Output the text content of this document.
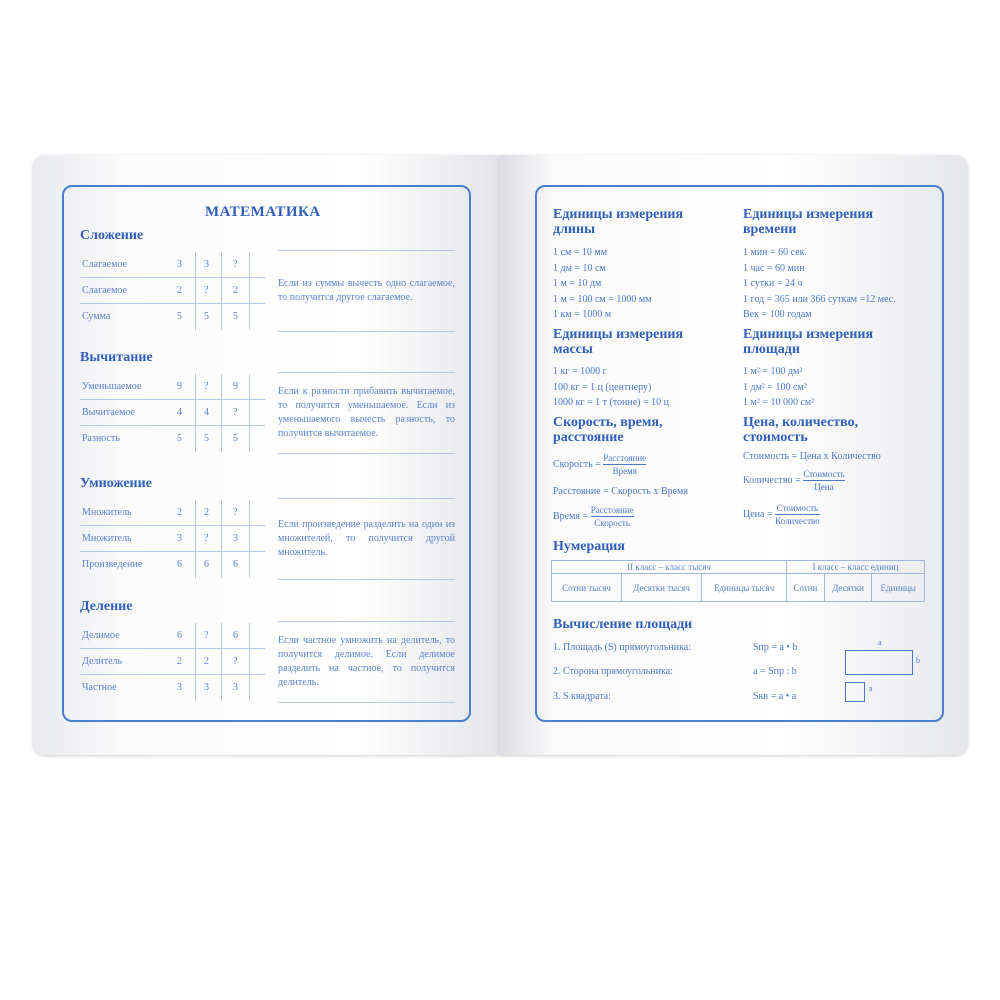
МАТЕМАТИКА
Сложение
Слагаемое	3 3 ?
Слагаемое	2 ? 2
Сумма	5 5 5
Если из суммы вычесть одно слагаемое, то получится другое слагаемое.
Вычитание
Уменьшаемое	9 ? 9
Вычитаемое	4 4 ?
Разность	5 5 5
Если к разности прибавить вычитаемое, то получится уменьшаемое. Если из уменьшаемого вычесть разность, то получится вычитаемое.
Умножение
Множитель	2 2 ?
Множитель	3 ? 3
Произведение	6 6 6
Если произведение разделить на один из множителей, то получится другой множитель.
Деление
Делимое	6 ? 6
Делитель	2 2 ?
Частное	3 3 3
Если частное умножить на делитель, то получится делимое. Если делимое разделить на частное, то получится делитель.
Единицы измерения
длины
1 см = 10 мм
1 дм = 10 см
1 м = 10 дм
1 м = 100 см = 1000 мм
1 км = 1000 м
Единицы измерения
времени
1 мин = 60 сек.
1 час = 60 мин
1 сутки = 24 ч
1 год = 365 или 366 суткам =12 мес.
Век = 100 годам
Единицы измерения
массы
1 кг = 1000 г
100 кг = 1 ц (центнеру)
1000 кг = 1 т (тонне) = 10 ц
Единицы измерения
площади
1 м² = 100 дм²
1 дм² = 100 см²
1 м² = 10 000 см²
Скорость, время,
расстояние
Скорость = $\frac{\text{Расстояние}}{\text{Время}}$
Расстояние = Скорость x Время
Время = $\frac{\text{Расстояние}}{\text{Скорость}}$
Цена, количество,
стоимость
Стоимость = Цена x Количество
Количество = $\frac{\text{Стоимость}}{\text{Цена}}$
Цена = $\frac{\text{Стоимость}}{\text{Количество}}$
Нумерация
II класс – класс тысяч			I класс – класс единиц		
Сотни тысяч	Десятки тысяч	Единицы тысяч	Сотни	Десятки	Единицы
Вычисление площади
1. Площадь (S) прямоугольника:	Sпр = a • b
2. Сторона прямоугольника:	a = Sпр : b
3. S квадрата:	Sкв = a • a
a
b
a
